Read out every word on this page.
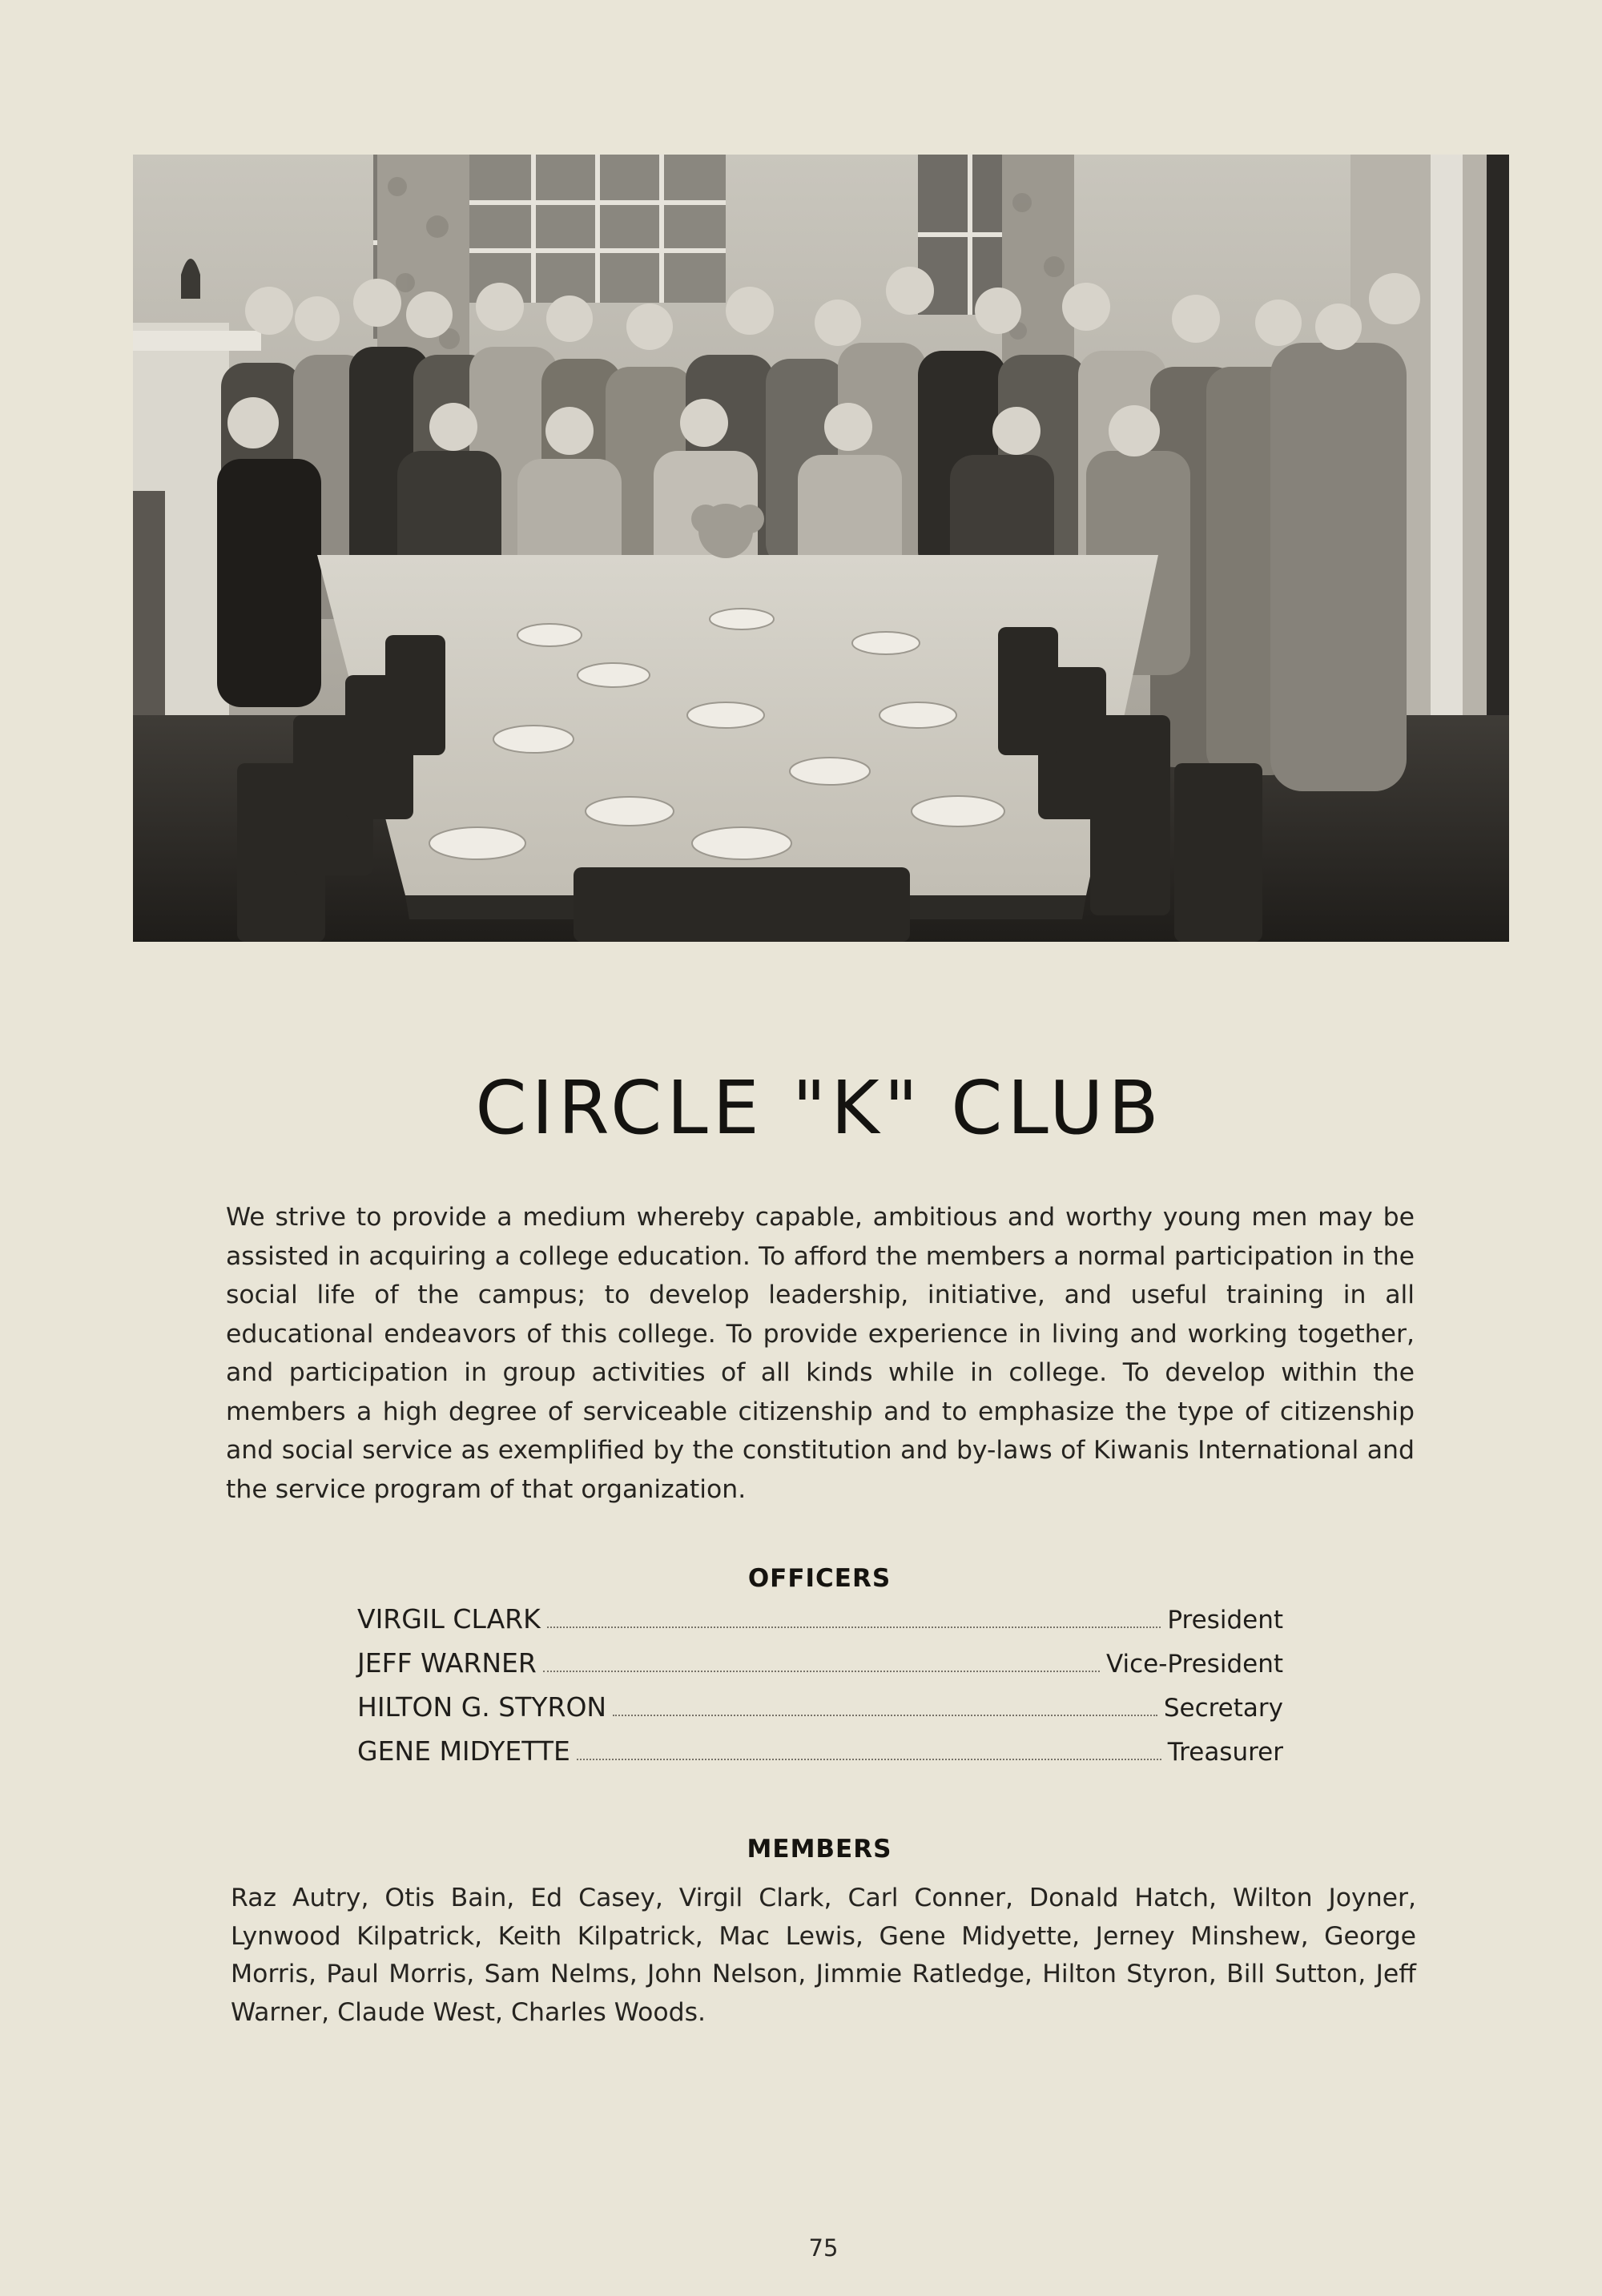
CIRCLE "K" CLUB
We strive to provide a medium whereby capable, ambitious and worthy young men may be assisted in acquiring a college education. To afford the members a normal participation in the social life of the campus; to develop leadership, initiative, and useful training in all educational endeavors of this college. To provide experience in living and working together, and participation in group activities of all kinds while in college. To develop within the members a high degree of serviceable citizenship and to emphasize the type of citizenship and social service as exemplified by the constitution and by-laws of Kiwanis International and the service program of that organization.
OFFICERS
VIRGIL CLARK	President
JEFF WARNER	Vice-President
HILTON G. STYRON	Secretary
GENE MIDYETTE	Treasurer
MEMBERS
Raz Autry, Otis Bain, Ed Casey, Virgil Clark, Carl Conner, Donald Hatch, Wilton Joyner, Lynwood Kilpatrick, Keith Kilpatrick, Mac Lewis, Gene Midyette, Jerney Minshew, George Morris, Paul Morris, Sam Nelms, John Nelson, Jimmie Ratledge, Hilton Styron, Bill Sutton, Jeff Warner, Claude West, Charles Woods.
75
